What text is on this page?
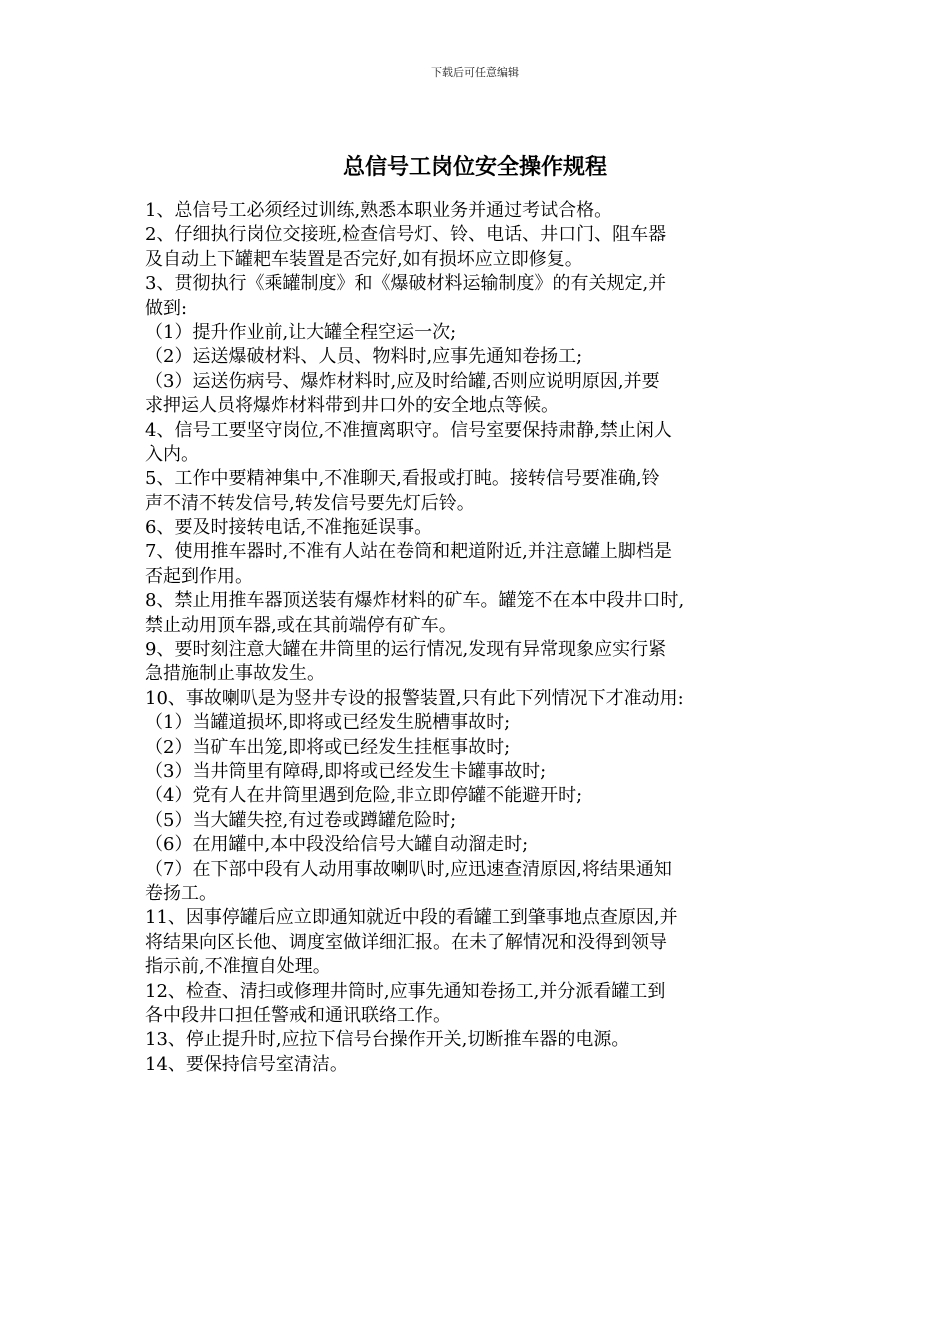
下载后可任意编辑
总信号工岗位安全操作规程
1、总信号工必须经过训练,熟悉本职业务并通过考试合格。
2、仔细执行岗位交接班,检查信号灯、铃、电话、井口门、阻车器
及自动上下罐耙车装置是否完好,如有损坏应立即修复。
3、贯彻执行《乘罐制度》和《爆破材料运输制度》的有关规定,并
做到:
（1）提升作业前,让大罐全程空运一次;
（2）运送爆破材料、人员、物料时,应事先通知卷扬工;
（3）运送伤病号、爆炸材料时,应及时给罐,否则应说明原因,并要
求押运人员将爆炸材料带到井口外的安全地点等候。
4、信号工要坚守岗位,不准擅离职守。信号室要保持肃静,禁止闲人
入内。
5、工作中要精神集中,不准聊天,看报或打盹。接转信号要准确,铃
声不清不转发信号,转发信号要先灯后铃。
6、要及时接转电话,不准拖延误事。
7、使用推车器时,不准有人站在卷筒和耙道附近,并注意罐上脚档是
否起到作用。
8、禁止用推车器顶送装有爆炸材料的矿车。罐笼不在本中段井口时,
禁止动用顶车器,或在其前端停有矿车。
9、要时刻注意大罐在井筒里的运行情况,发现有异常现象应实行紧
急措施制止事故发生。
10、事故喇叭是为竖井专设的报警装置,只有此下列情况下才准动用:
（1）当罐道损坏,即将或已经发生脱槽事故时;
（2）当矿车出笼,即将或已经发生挂框事故时;
（3）当井筒里有障碍,即将或已经发生卡罐事故时;
（4）党有人在井筒里遇到危险,非立即停罐不能避开时;
（5）当大罐失控,有过卷或蹲罐危险时;
（6）在用罐中,本中段没给信号大罐自动溜走时;
（7）在下部中段有人动用事故喇叭时,应迅速查清原因,将结果通知
卷扬工。
11、因事停罐后应立即通知就近中段的看罐工到肇事地点查原因,并
将结果向区长他、调度室做详细汇报。在未了解情况和没得到领导
指示前,不准擅自处理。
12、检查、清扫或修理井筒时,应事先通知卷扬工,并分派看罐工到
各中段井口担任警戒和通讯联络工作。
13、停止提升时,应拉下信号台操作开关,切断推车器的电源。
14、要保持信号室清洁。
